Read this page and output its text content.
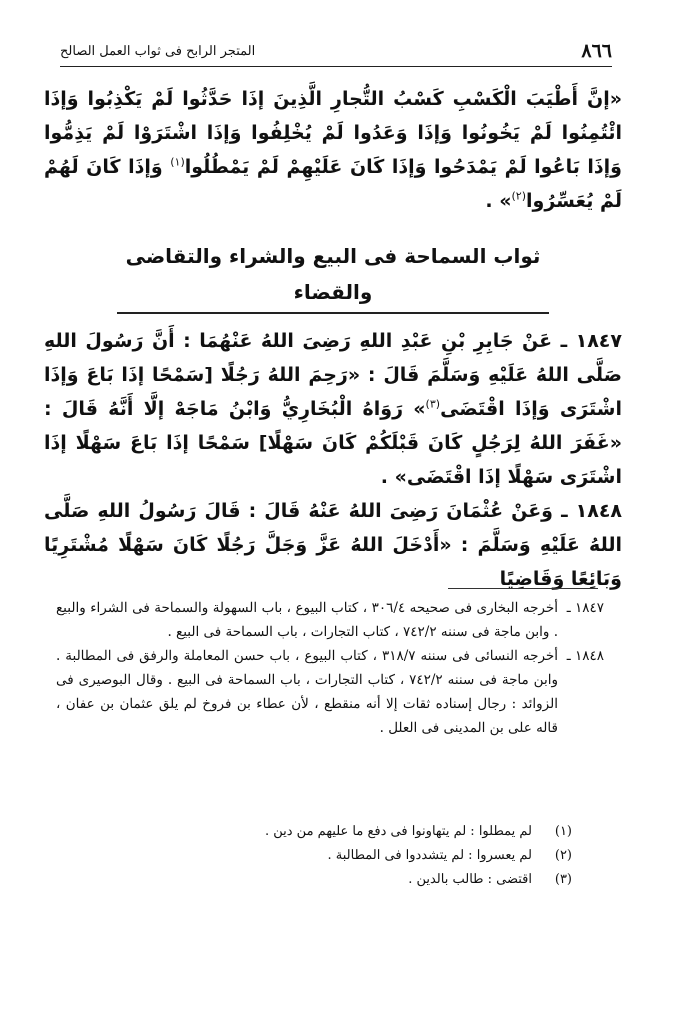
٨٦٦
المتجر الرابح فى ثواب العمل الصالح

«إنَّ أَطْيَبَ الْكَسْبِ كَسْبُ التُّجارِ الَّذِينَ إذَا حَدَّثُوا لَمْ يَكْذِبُوا وَإذَا ائْتُمِنُوا لَمْ يَخُونُوا وَإذَا وَعَدُوا لَمْ يُخْلِفُوا وَإذَا اشْتَرَوْا لَمْ يَذِمُّوا وَإذَا بَاعُوا لَمْ يَمْدَحُوا وَإذَا كَانَ عَلَيْهِمْ لَمْ يَمْطُلُوا$^{(١)}$ وَإذَا كَانَ لَهُمْ لَمْ يُعَسِّرُوا$^{(٢)}$» .

ثواب السماحة فى البيع والشراء والتقاضى والقضاء

١٨٤٧ ـ عَنْ جَابِرِ بْنِ عَبْدِ اللهِ رَضِىَ اللهُ عَنْهُمَا : أَنَّ رَسُولَ اللهِ صَلَّى اللهُ عَلَيْهِ وَسَلَّمَ قَالَ : «رَحِمَ اللهُ رَجُلًا [سَمْحًا إذَا بَاعَ وَإذَا اشْتَرَى وَإذَا اقْتَضَى$^{(٣)}$» رَوَاهُ الْبُخَارِيُّ وَابْنُ مَاجَهْ إلَّا أَنَّهُ قَالَ : «غَفَرَ اللهُ لِرَجُلٍ كَانَ قَبْلَكُمْ كَانَ سَهْلًا] سَمْحًا إذَا بَاعَ سَهْلًا إذَا اشْتَرَى سَهْلًا إذَا اقْتَضَى» .

١٨٤٨ ـ وَعَنْ عُثْمَانَ رَضِىَ اللهُ عَنْهُ قَالَ : قَالَ رَسُولُ اللهِ صَلَّى اللهُ عَلَيْهِ وَسَلَّمَ : «أَدْخَلَ اللهُ عَزَّ وَجَلَّ رَجُلًا كَانَ سَهْلًا مُشْتَرِيًا وَبَائِعًا وَقَاضِيًا

١٨٤٧ ـ
أخرجه البخارى فى صحيحه ٣٠٦/٤ ، كتاب البيوع ، باب السهولة والسماحة فى الشراء والبيع . وابن ماجة فى سننه ٧٤٢/٢ ، كتاب التجارات ، باب السماحة فى البيع .
١٨٤٨ ـ
أخرجه النسائى فى سننه ٣١٨/٧ ، كتاب البيوع ، باب حسن المعاملة والرفق فى المطالبة . وابن ماجة فى سننه ٧٤٢/٢ ، كتاب التجارات ، باب السماحة فى البيع . وقال البوصيرى فى الزوائد : رجال إسناده ثقات إلا أنه منقطع ، لأن عطاء بن فروخ لم يلق عثمان بن عفان ، قاله على بن المدينى فى العلل .
(١)
لم يمطلوا : لم يتهاونوا فى دفع ما عليهم من دين .
(٢)
لم يعسروا : لم يتشددوا فى المطالبة .
(٣)
اقتضى : طالب بالدين .
